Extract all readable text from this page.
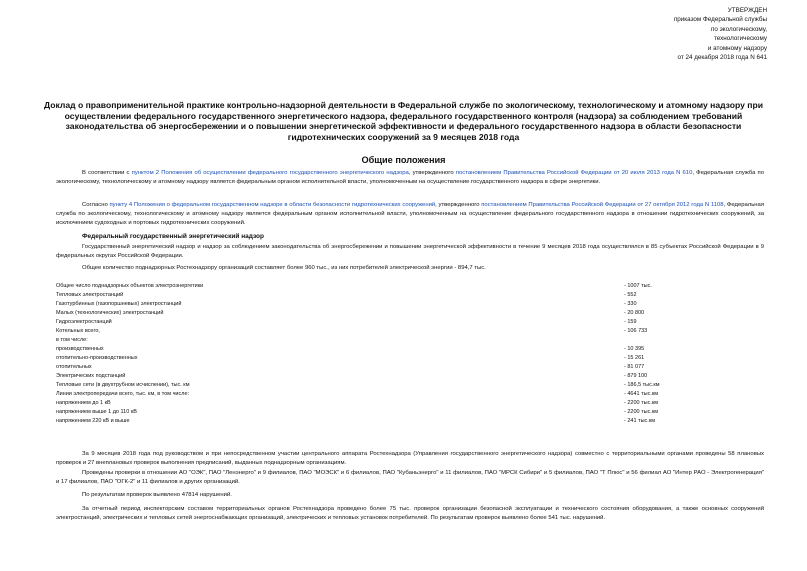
УТВЕРЖДЕН
приказом Федеральной службы
по экологическому,
технологическому
и атомному надзору
от 24 декабря 2018 года N 641
Доклад о правоприменительной практике контрольно-надзорной деятельности в Федеральной службе по экологическому, технологическому и атомному надзору при осуществлении федерального государственного энергетического надзора, федерального государственного контроля (надзора) за соблюдением требований законодательства об энергосбережении и о повышении энергетической эффективности и федерального государственного надзора в области безопасности гидротехнических сооружений за 9 месяцев 2018 года
Общие положения

В соответствии с пунктом 2 Положения об осуществлении федерального государственного энергетического надзора, утвержденного постановлением Правительства Российской Федерации от 20 июля 2013 года N 610, Федеральная служба по экологическому, технологическому и атомному надзору является федеральным органом исполнительной власти, уполномоченным на осуществление государственного надзора в сфере энергетики.

Согласно пункту 4 Положения о федеральном государственном надзоре в области безопасности гидротехнических сооружений, утвержденного постановлением Правительства Российской Федерации от 27 октября 2012 года N 1108, Федеральная служба по экологическому, технологическому и атомному надзору является федеральным органом исполнительной власти, уполномоченным на осуществление федерального государственного надзора в отношении гидротехнических сооружений, за исключением судоходных и портовых гидротехнических сооружений.

Федеральный государственный энергетический надзор

Государственный энергетический надзор и надзор за соблюдением законодательства об энергосбережении и повышении энергетической эффективности в течение 9 месяцев 2018 года осуществлялся в 85 субъектах Российской Федерации в 9 федеральных округах Российской Федерации.

Общее количество поднадзорных Ростехнадзору организаций составляет более 960 тыс., из них потребителей электрической энергии - 894,7 тыс.

Общее число поднадзорных объектов электроэнергетики	- 1007 тыс.
Тепловых электростанций	- 552
Газотурбинных (газопоршневых) электростанций	- 330
Малых (технологических) электростанций	- 20 800
Гидроэлектростанций	- 159
Котельных всего,	- 106 733
в том числе:
производственных	- 10 395
отопительно-производственных	- 15 261
отопительных	- 81 077
Электрических подстанций	- 879 100
Тепловые сети (в двухтрубном исчислении), тыс. км	- 186,5 тыс.км
Линии электропередачи всего, тыс. км, в том числе:	- 4641 тыс.км
напряжением до 1 кВ	- 2200 тыс.км
напряжением выше 1 до 110 кВ	- 2200 тыс.км
напряжением 220 кВ и выше	- 241 тыс.км

За 9 месяцев 2018 года под руководством и при непосредственном участии центрального аппарата Ростехнадзора (Управления государственного энергетического надзора) совместно с территориальными органами проведены 58 плановых проверок и 27 внеплановых проверок выполнения предписаний, выданных поднадзорным организациям.

Проведены проверки в отношении АО "ОЭК", ПАО "Ленэнерго" и 9 филиалов, ПАО "МОЭСК" и 6 филиалов, ПАО "Кубаньэнерго" и 11 филиалов, ПАО "МРСК Сибири" и 5 филиалов, ПАО "Т Плюс" и 56 филиал АО "Интер РАО - Электрогенерация" и 17 филиалов, ПАО "ОГК-2" и 11 филиалов и других организаций.

По результатам проверок выявлено 47814 нарушений.

За отчетный период инспекторским составом территориальных органов Ростехнадзора проведено более 75 тыс. проверок организации безопасной эксплуатации и технического состояния оборудования, а также основных сооружений электростанций, электрических и тепловых сетей энергоснабжающих организаций, электрических и тепловых установок потребителей. По результатам проверок выявлено более 541 тыс. нарушений.
